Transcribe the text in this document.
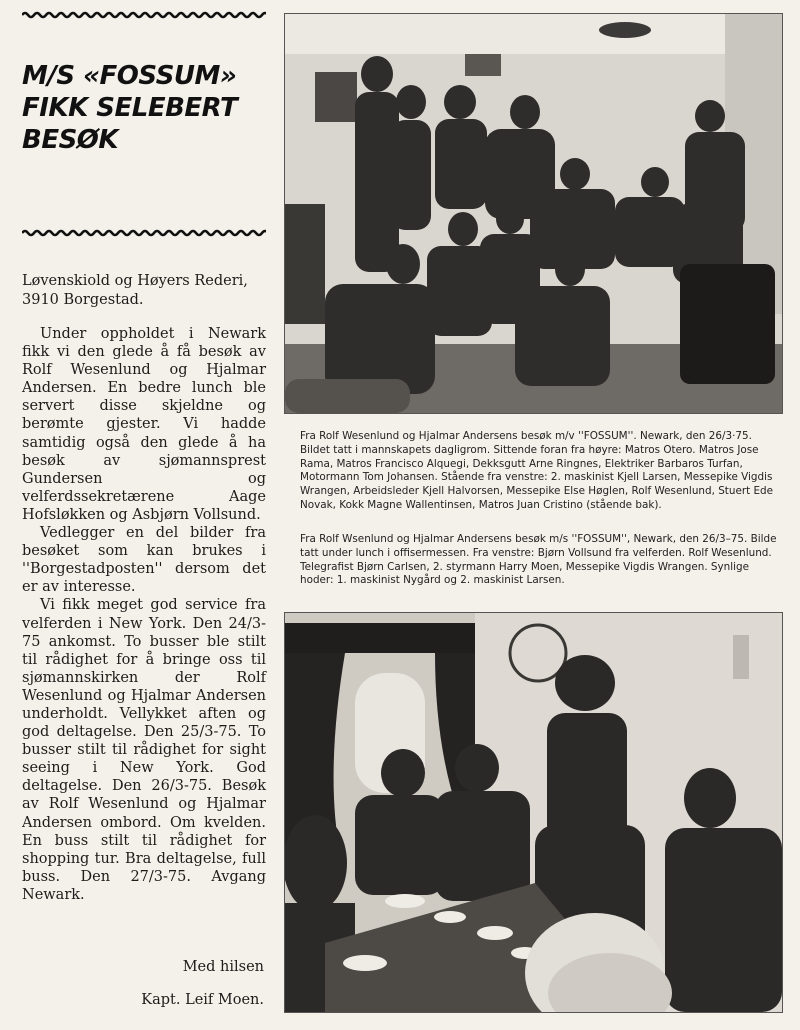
M/S «FOSSUM»
FIKK SELEBERT
BESØK
Løvenskiold og Høyers Rederi, 3910 Borgestad.

Under oppholdet i Newark fikk vi den glede å få besøk av Rolf Wesenlund og Hjalmar Andersen. En bedre lunch ble servert disse skjeldne og berømte gjester. Vi hadde samtidig også den glede å ha besøk av sjømannsprest Gundersen og velferdssekretærene Aage Hofsløkken og Asbjørn Vollsund.

Vedlegger en del bilder fra besøket som kan brukes i ''Borgestadposten'' dersom det er av interesse.

Vi fikk meget god service fra velferden i New York. Den 24/3-75 ankomst. To busser ble stilt til rådighet for å bringe oss til sjømannskirken der Rolf Wesenlund og Hjalmar Andersen underholdt. Vellykket aften og god deltagelse. Den 25/3-75. To busser stilt til rådighet for sight seeing i New York. God deltagelse. Den 26/3-75. Besøk av Rolf Wesenlund og Hjalmar Andersen ombord. Om kvelden. En buss stilt til rådighet for shopping tur. Bra deltagelse, full buss. Den 27/3-75. Avgang Newark.

Med hilsen
Kapt. Leif Moen.
Fra Rolf Wesenlund og Hjalmar Andersens besøk m/v ''FOSSUM''. Newark, den 26/3·75. Bildet tatt i mannskapets dagligrom. Sittende foran fra høyre: Matros Otero. Matros Jose Rama, Matros Francisco Alquegi, Dekksgutt Arne Ringnes, Elektriker Barbaros Turfan, Motormann Tom Johansen. Stående fra venstre: 2. maskinist Kjell Larsen, Messepike Vigdis Wrangen, Arbeidsleder Kjell Halvorsen, Messepike Else Høglen, Rolf Wesenlund, Stuert Ede Novak, Kokk Magne Wallentinsen, Matros Juan Cristino (stående bak).
Fra Rolf Wsenlund og Hjalmar Andersens besøk m/s ''FOSSUM'', Newark, den 26/3–75. Bilde tatt under lunch i offisermessen. Fra venstre: Bjørn Vollsund fra velferden. Rolf Wesenlund. Telegrafist Bjørn Carlsen, 2. styrmann Harry Moen, Messepike Vigdis Wrangen. Synlige hoder: 1. maskinist Nygård og 2. maskinist Larsen.
